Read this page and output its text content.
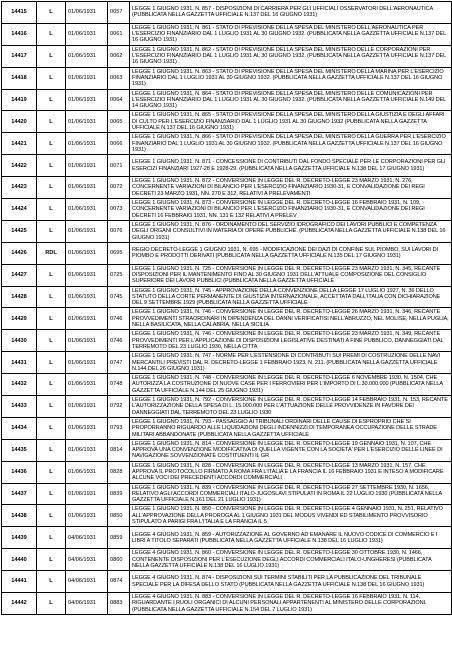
14415	L	01/06/1931	0057	LEGGE 1 GIUGNO 1931, N. 857 - DISPOSIZIONI DI CARRIERA PER GLI UFFICIALI OSSERVATORI DELL'AERONAUTICA (PUBBLICATA NELLA GAZZETTA UFFICIALE N.137 DEL 16 GIUGNO 1931)
14416	L	01/06/1931	0061	LEGGE 1 GIUGNO 1931, N. 861 - STATO DI PREVISIONE DELLA SPESA DEL MINISTERO DELL'AERONAUTICA PER L'ESERCIZIO FINANZIARIO DAL 1 LUGLIO 1931 AL 30 GIUGNO 1932. (PUBBLICATA NELLA GAZZETTA UFFICIALE N.137 DEL 16 GIUGNO 1931)
14417	L	01/06/1931	0062	LEGGE 1 GIUGNO 1931, N. 862 - STATO DI PREVISIONE DELLA SPESA DEL MINISTERO DELLE CORPORAZIONI PER L'ESERCIZIO FINANZIARIO DAL 1 LUGLIO 1931 AL 30 GIUGNO 1932. (PUBBLICATA NELLA GAZZETTA UFFICIALE N.137 DEL 16 GIUGNO 1931)
14418	L	01/06/1931	0063	LEGGE 1 GIUGNO 1931, N. 863 - STATO DI PREVISIONE DELLA SPESA DEL MINISTERO DELLA MARINA PER L'ESERCIZIO FINANZIARIO DAL 1 LUGLIO 1931 AL 30 GIUGNO 1932. (PUBBLICATA NELLA GAZZETTA UFFICIALE N.137 DEL 16 GIUGNO 1931)
14419	L	01/06/1931	0064	LEGGE 1 GIUGNO 1931, N. 864 - STATO DI PREVISIONE DELLA SPESA DEL MINISTERO DELLE COMUNICAZIONI PER L'ESERCIZIO FINANZIARIO DAL 1 LUGLIO 1931 AL 30 GIUGNO 1932. (PUBBLICATA NELLA GAZZETTA UFFICIALE N.149 DEL 14 GIUGNO 1931)
14420	L	01/06/1931	0065	LEGGE 1 GIUGNO 1931, N. 865 - STATO DI PREVISIONE DELLA SPESA DEL MINISTERO DELLA GIUSTIZIA E DEGLI AFFARI DI CULTO PER L'ESERCIZIO FINANZIARIO DAL 1 LUGLIO 1931 AL 30 GIUGNO 1932 (PUBBLICATA NELLA GAZZETTA UFFICIALE N.137 DEL 16 GIUGNO 1931)
14421	L	01/06/1931	0066	LEGGE 1 GIUGNO 1931, N. 866 - STATO DI PREVISIONE DELLA SPESA DEL MINISTERO DELLA GUERRA PER L'ESERCIZIO FINANZIARIO DAL 1 LUGLIO 1931 AL 30 GIUGNO 1932. (PUBBLICATA NELLA GAZZETTA UFFICIALE N.137 DEL 16 GIUGNO 1931)
14422	L	01/06/1931	0071	LEGGE 1 GIUGNO 1931, N. 871 - CONCESSIONE DI CONTRIBUTI DAL FONDO SPECIALE PER LE CORPORAZIONI PER GLI ESERCIZI FINANZIARI 1927-28 E 1928-29. (PUBBLICATA NELLA GAZZETTA UFFICIALE N.138 DEL 17 GIUGNO 1931)
14423	L	01/06/1931	0072	LEGGE 1 GIUGNO 1931, N. 872 - CONVERSIONE IN LEGGE DEL R. DECRETO-LEGGE 23 MARZO 1931, N. 276, CONCERNENTE VARIAZIONI DI BILANCIO PER L'ESERCIZIO FINANZIARIO 1930-31, E CONVALIDAZIONE DEI REGI DECRETI 23 MARZO 1931, NN. 270 E 312, RELATIVI A PRELEVAMENTI
14424	L	01/06/1931	0073	LEGGE 1 GIUGNO 1931, N. 873 - CONVERSIONE IN LEGGE DEL R. DECRETO-LEGGE 16 FEBBRAIO 1931, N. 109, CONCERNENTE VARIAZIONI DI BILANCIO PER L'ESERCIZIO FINANZIARIO 1930-31, E CONVALIDAZIONE DEI REGI DECRETI 16 FEBBRAIO 1931, NN. 131 E 132 RELATIVI A PRELEV
14425	L	01/06/1931	0076	LEGGE 1 GIUGNO 1931, N. 876 - ORDINAMENTO DEL SERVIZIO IDROGRAFICO DEI LAVORI PUBBLICI E COMPETENZA DEGLI ORGANI CONSULTIVI IN MATERIA DI OPERE PUBBLICHE. (PUBBLICATA NELLA GAZZETTA UFFICIALE N.138 DEL 16 GIUGNO 1931)
14426	RDL	01/06/1931	0695	REGIO DECRETO-LEGGE 1 GIUGNO 1931, N. 695 - MODIFICAZIONE DEI DAZI DI CONFINE SUL PIOMBO, SUI LAVORI DI PIOMBO E PRODOTTI DERIVATI (PUBBLICATA NELLA GAZZETTA UFFICIALE N.135 DEL 17 GIUGNO 1931)
14427	L	01/06/1931	0725	LEGGE 1 GIUGNO 1931, N. 725 - CONVERSIONE IN LEGGE DEL R. DECRETO-LEGGE 23 MARZO 1931, N. 345, RECANTE DISPOSIZIONI PER IL MANTENIMENTO FINO AL 30 GIUGNO 1931 DELL'ATTUALE COMPOSIZIONE DEL CONSIGLIO SUPERIORE DEI LAVORI PUBBLICI (PUBBLICATA NELLA GAZZETTA UFFICIALE
14428	L	01/06/1931	0745	LEGGE 1 GIUGNO 1931, N. 745 - APPROVAZIONE DELLA CONVENZIONE DELLA LEGGE 17 LUGLIO 1927, N. 36 DELLO STATUTO DELLA CORTE PERMANENTE DI GIUSTIZIA INTERNAZIONALE, ACCETTATA DALL'ITALIA CON DICHIARAZIONE DEL 9 SETTEMBRE 1929 (PUBBLICATA NELLA GAZZETTA UFFICIALE
14429	L	01/06/1931	0746	LEGGE 1 GIUGNO 1931, N. 746 - CONVERSIONE IN LEGGE DEL R. DECRETO-LEGGE 26 MARZO 1931, N. 346, RECANTE PROVVEDIMENTI STRAORDINARI IN DIPENDENZA DEL DANNI VERIFICATISI NELL'ABRUZZO, NEL MOLISE, NELLA PUGLIA, NELLA BASILICATA, NELLA CALABRIA, NELLA SICILIA
14430	L	01/06/1931	0746	LEGGE 1 GIUGNO 1931, N. 746 - CONVERSIONE IN LEGGE DEL R. DECRETO-LEGGE 23 MARZO 1931, N. 349, RECANTE PROVVEDIMENTI PER L'APPLICAZIONE DI DISPOSIZIONI LEGISLATIVE DESTINATI A FINE PUBBLICO, DANNEGGIATI DAL TERREMOTO DEL 23 LUGLIO 1930, NELLA CITTA
14431	L	01/06/1931	0747	LEGGE 1 GIUGNO 1931, N. 747 - NORME PER L'ESTENSIONE DI CONTRIBUTI SUI PREMI DI COSTRUZIONE DELLE NAVI MERCANTILI PREVISTI DAL R. DECRETO-LEGGE 1 FEBBRAIO 1923, N. 211. (PUBBLICATA NELLA GAZZETTA UFFICIALE N.144 DEL 26 GIUGNO 1931)
14432	L	01/06/1931	0748	LEGGE 1 GIUGNO 1931, N. 748 - CONVERSIONE IN LEGGE DEL R. DECRETO-LEGGE 6 NOVEMBRE 1930, N. 1504, CHE AUTORIZZA LA COSTRUZIONE DI NUOVE CASE PER I FERROVIERI PER L'IMPORTO DI L.30.000.000 (PUBBLICATA NELLA GAZZETTA UFFICIALE N.144 DEL 25 GIUGNO 1931)
14433	L	01/06/1931	0792	LEGGE 1 GIUGNO 1931, N. 792 - CONVERSIONE IN LEGGE DEL R. DECRETO-LEGGE 14 FEBBRAIO 1931, N. 153, RECANTE L'AUTORIZZAZIONE DELLA SPESA DI L. 15.000.000 PER L'ATTUAZIONE DELLE PROVVIDENZE IN FAVORE DEI DANNEGGIATI DAL TERREMOTO DEL 23 LUGLIO 1930
14434	L	01/06/1931	0793	LEGGE 1 GIUGNO 1931, N. 793 - PASSAGGIO AI TRIBUNALI ORDINARI DELLE CAUSE DI ESPROPRIO CHE SI PROPORRANNO RIGUARDO ALLE LIQUIDAZIONI DEGLI INDENNIZZI DI TEMPORANEA OCCUPAZIONE DELLE STRADE MILITARI ABBANDONATE (PUBBLICATA NELLA GAZZETTA UFFICIALE
14435	L	01/06/1931	0814	LEGGE 1 GIUGNO 1931, N. 814 - CONVERSIONE IN LEGGE DEL R. DECRETO-LEGGE 19 GENNAIO 1931, N. 107, CHE APPROVA UNA CONVENZIONE MODIFICATIVA DI QUELLA VIGENTE CON LA SOCIETA' PER L'ESERCIZIO DELLE LINEE DI NAVIGAZIONE SOVVENZIONATE COSTITUENTI IL GR
14436	L	01/06/1931	0828	LEGGE 1 GIUGNO 1931, N. 828 - CONVERSIONE IN LEGGE DEL R. DECRETO-LEGGE 13 MARZO 1931, N. 157, CHE APPROVA IL PROTOCOLLO FIRMATO A ROMA FRA L'ITALIA E LA FRANCIA IL 16 FEBBRAIO 1931 E INTESO A MODIFICARE ALCUNE VOCI DEI PRECEDENTI ACCORDI COMMERCIALI
14437	L	01/06/1931	0839	LEGGE 1 GIUGNO 1931, N. 839 - CONVERSIONE IN LEGGE DEL R. DECRETO-LEGGE 27 SETTEMBRE 1930, N. 1656, RELATIVO AGLI ACCORDI COMMERCIALI ITALO-JUGOSLAVI STIPULATI IN ROMA IL 22 LUGLIO 1930 (PUBBLICATA NELLA GAZZETTA UFFICIALE N.161 DEL 21 LUGLIO 1931)
14438	L	01/06/1931	0850	LEGGE 1 GIUGNO 1931, N. 850 - CONVERSIONE IN LEGGE DEL R. DECRETO-LEGGE 4 GENNAIO 1931, N. 251, RELATIVO ALL'APPROVAZIONE DELLA PROROGA AL 1 GIUGNO 1931 DEL MODUS VIVENDI ED STABILIMENTO PROVVISORIO STIPULATO A PARIGI FRA L'ITALIA E LA FRANCIA IL 5
14439	L	04/06/1931	0859	LEGGE 4 GIUGNO 1931, N. 859 - AUTORIZZAZIONE AL GOVERNO AD EMANARE IL NUOVO CODICE DI COMMERCIO E I LIBRI A TITOLO SEPARATI (PUBBLICATA NELLA GAZZETTA UFFICIALE N.138 DEL 16 LUGLIO 1931)
14440	L	04/06/1931	0860	LEGGE 4 GIUGNO 1931, N. 860 - CONVERSIONE IN LEGGE DEL R. DECRETO-LEGGE 30 OTTOBRE 1930, N. 1466, CONTENENTE DISPOSIZIONI PER L'ESECUZIONE DEGLI ACCORDI COMMERCIALI ITALO-UNGHERESI (PUBBLICATA NELLA GAZZETTA UFFICIALE N.138 DEL 16 LUGLIO 1931)
14441	L	04/06/1931	0874	LEGGE 4 GIUGNO 1931, N. 874 - DISPOSIZIONI SUI TERMINI STABILITI PER LA PUBBLICAZIONE DEL TRIBUNALE SPECIALE PER LA DIFESA DELLO STATO (PUBBLICATA NELLA GAZZETTA UFFICIALE N.138 DEL 16 GIUGNO 1931)
14442	L	04/06/1931	0883	LEGGE 4 GIUGNO 1931, N. 883 - CONVERSIONE IN LEGGE DEL R. DECRETO-LEGGE 16 FEBBRAIO 1931, N. 114, RIGUARDANTE I RUOLI ORGANICI DI ALCUNI PERSONALI APPARTENENTI AL MINISTERO DELLE CORPORAZIONI. (PUBBLICATA NELLA GAZZETTA UFFICIALE N.154 DEL 7 LUGLIO 1931)
